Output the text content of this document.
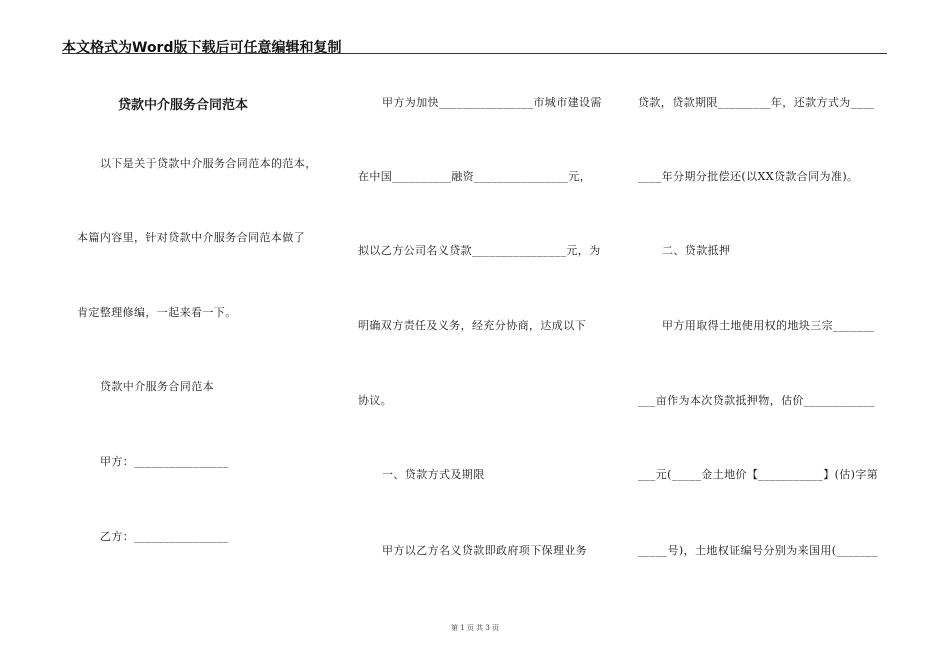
本文格式为Word版下载后可任意编辑和复制
贷款中介服务合同范本
以下是关于贷款中介服务合同范本的范本，
本篇内容里，针对贷款中介服务合同范本做了
肯定整理修编，一起来看一下。
贷款中介服务合同范本
甲方：________________
乙方：________________
甲方为加快________________市城市建设需
在中国__________融资________________元，
拟以乙方公司名义贷款________________元，为
明确双方责任及义务，经充分协商，达成以下
协议。
一、贷款方式及期限
甲方以乙方名义贷款即政府项下保理业务
贷款，贷款期限_________年，还款方式为____
____年分期分批偿还(以XX贷款合同为准)。
二、贷款抵押
甲方用取得土地使用权的地块三宗_______
___亩作为本次贷款抵押物，估价____________
___元(_____金土地价【___________】(估)字第
_____号)，土地权证编号分别为来国用(_______
第 1 页 共 3 页
